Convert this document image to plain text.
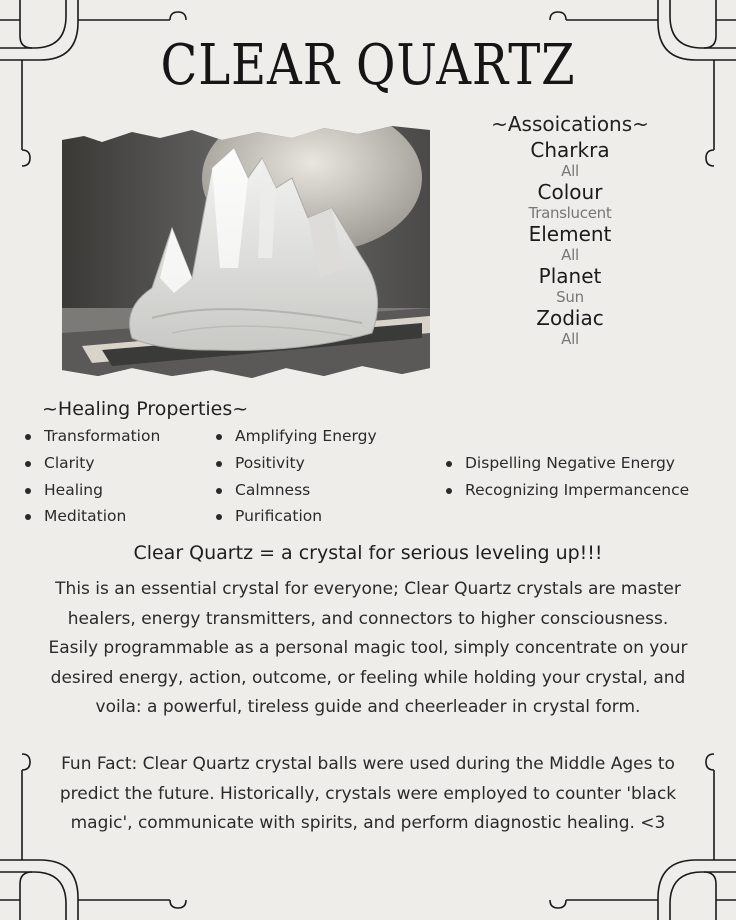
CLEAR QUARTZ
~Assoications~
Charkra
All
Colour
Translucent
Element
All
Planet
Sun
Zodiac
All
~Healing Properties~
Transformation
Clarity
Healing
Meditation
Amplifying Energy
Positivity
Calmness
Purification
Dispelling Negative Energy
Recognizing Impermancence
Clear Quartz = a crystal for serious leveling up!!!

This is an essential crystal for everyone; Clear Quartz crystals are master healers, energy transmitters, and connectors to higher consciousness. Easily programmable as a personal magic tool, simply concentrate on your desired energy, action, outcome, or feeling while holding your crystal, and voila: a powerful, tireless guide and cheerleader in crystal form.

Fun Fact: Clear Quartz crystal balls were used during the Middle Ages to predict the future. Historically, crystals were employed to counter 'black magic', communicate with spirits, and perform diagnostic healing. <3
